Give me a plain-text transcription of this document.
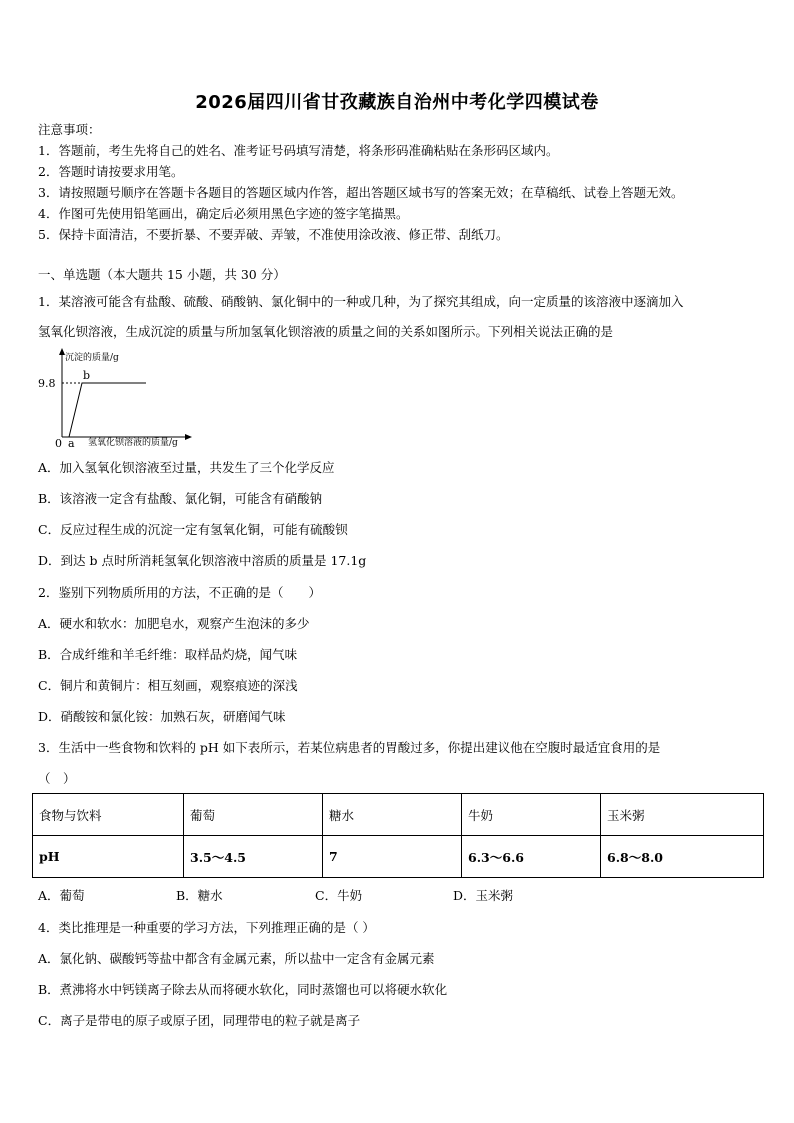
2026届四川省甘孜藏族自治州中考化学四模试卷
注意事项：
1．答题前，考生先将自己的姓名、准考证号码填写清楚，将条形码准确粘贴在条形码区域内。
2．答题时请按要求用笔。
3．请按照题号顺序在答题卡各题目的答题区域内作答，超出答题区域书写的答案无效；在草稿纸、试卷上答题无效。
4．作图可先使用铅笔画出，确定后必须用黑色字迹的签字笔描黑。
5．保持卡面清洁，不要折暴、不要弄破、弄皱，不准使用涂改液、修正带、刮纸刀。
一、单选题（本大题共 15 小题，共 30 分）
1．某溶液可能含有盐酸、硫酸、硝酸钠、氯化铜中的一种或几种，为了探究其组成，向一定质量的该溶液中逐滴加入
氢氧化钡溶液，生成沉淀的质量与所加氢氧化钡溶液的质量之间的关系如图所示。下列相关说法正确的是
沉淀的质量/g
9.8
b
0 a 氢氧化钡溶液的质量/g
A．加入氢氧化钡溶液至过量，共发生了三个化学反应
B．该溶液一定含有盐酸、氯化铜，可能含有硝酸钠
C．反应过程生成的沉淀一定有氢氧化铜，可能有硫酸钡
D．到达 b 点时所消耗氢氧化钡溶液中溶质的质量是 17.1g
2．鉴别下列物质所用的方法，不正确的是（　　）
A．硬水和软水：加肥皂水，观察产生泡沫的多少
B．合成纤维和羊毛纤维：取样品灼烧，闻气味
C．铜片和黄铜片：相互刻画，观察痕迹的深浅
D．硝酸铵和氯化铵：加熟石灰，研磨闻气味
3．生活中一些食物和饮料的 pH 如下表所示，若某位病患者的胃酸过多，你提出建议他在空腹时最适宜食用的是
（　）
食物与饮料	葡萄	糖水	牛奶	玉米粥
pH	3.5～4.5	7	6.3～6.6	6.8～8.0
A．葡萄	B．糖水	C．牛奶	D．玉米粥
4．类比推理是一种重要的学习方法，下列推理正确的是（ ）
A．氯化钠、碳酸钙等盐中都含有金属元素，所以盐中一定含有金属元素
B．煮沸将水中钙镁离子除去从而将硬水软化，同时蒸馏也可以将硬水软化
C．离子是带电的原子或原子团，同理带电的粒子就是离子
